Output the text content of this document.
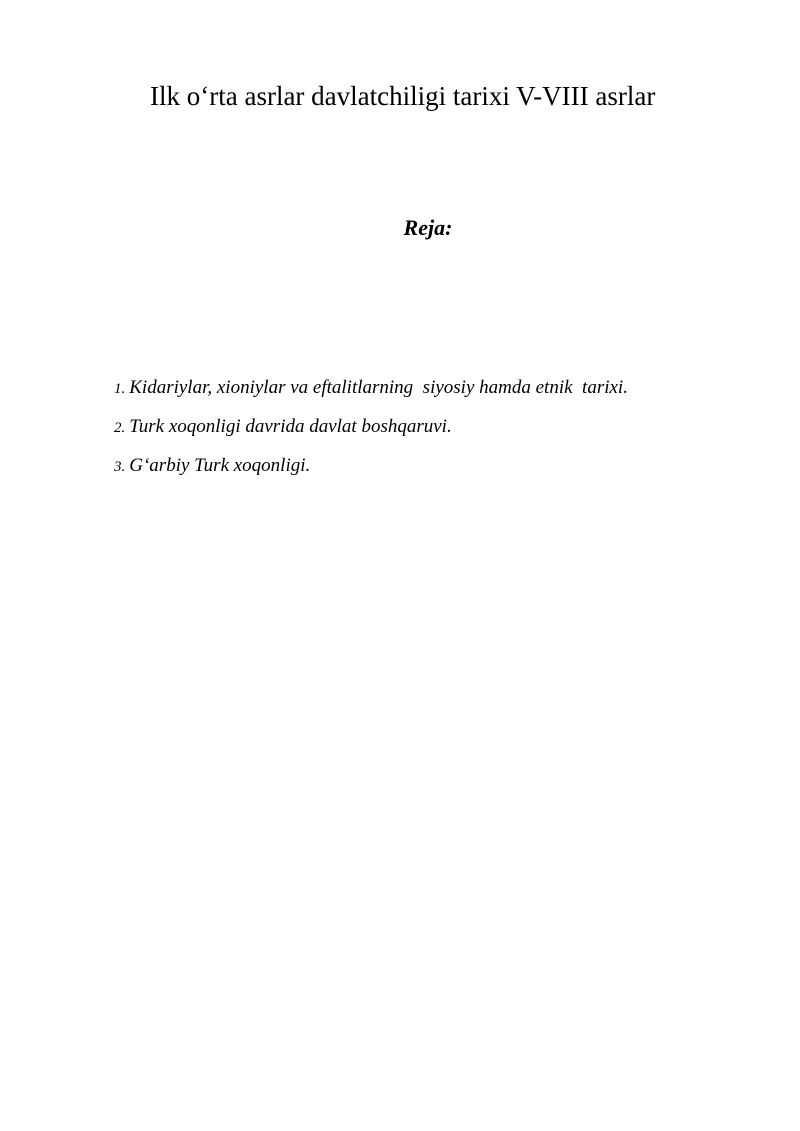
Ilk o‘rta asrlar davlatchiligi tarixi V-VIII asrlar
Reja:
1. Kidariylar, xioniylar va eftalitlarning  siyosiy hamda etnik  tarixi.
2. Turk xoqonligi davrida davlat boshqaruvi.
3. G‘arbiy Turk xoqonligi.
